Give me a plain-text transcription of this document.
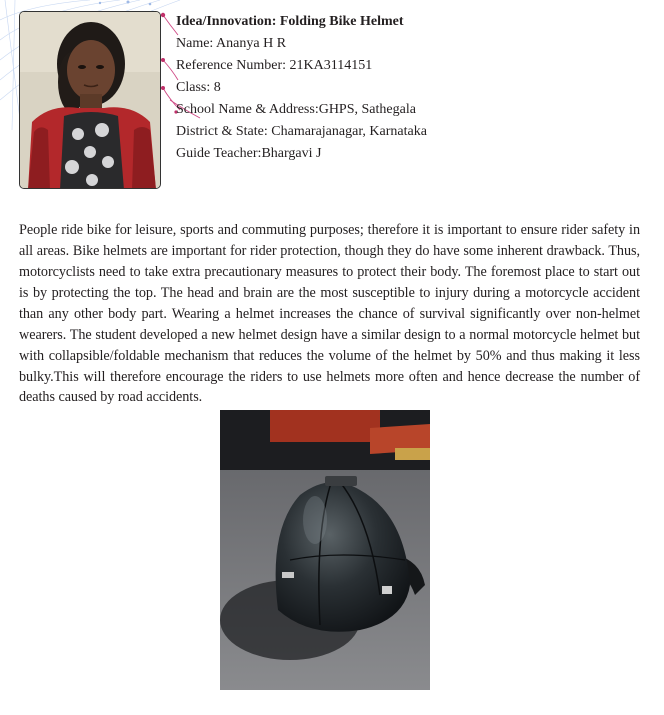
Idea/Innovation: Folding Bike Helmet
Name: Ananya H R
Reference Number: 21KA3114151
Class: 8
School Name & Address:GHPS, Sathegala
District & State: Chamarajanagar, Karnataka
Guide Teacher:Bhargavi J

People ride bike for leisure, sports and commuting purposes; therefore it is important to ensure rider safety in all areas. Bike helmets are important for rider protection, though they do have some inherent drawback. Thus, motorcyclists need to take extra precautionary measures to protect their body. The foremost place to start out is by protecting the top. The head and brain are the most susceptible to injury during a motorcycle accident than any other body part. Wearing a helmet increases the chance of survival significantly over non-helmet wearers. The student developed a new helmet design have a similar design to a normal motorcycle helmet but with collapsible/foldable mechanism that reduces the volume of the helmet by 50% and thus making it less bulky.This will therefore encourage the riders to use helmets more often and hence decrease the number of deaths caused by road accidents.
